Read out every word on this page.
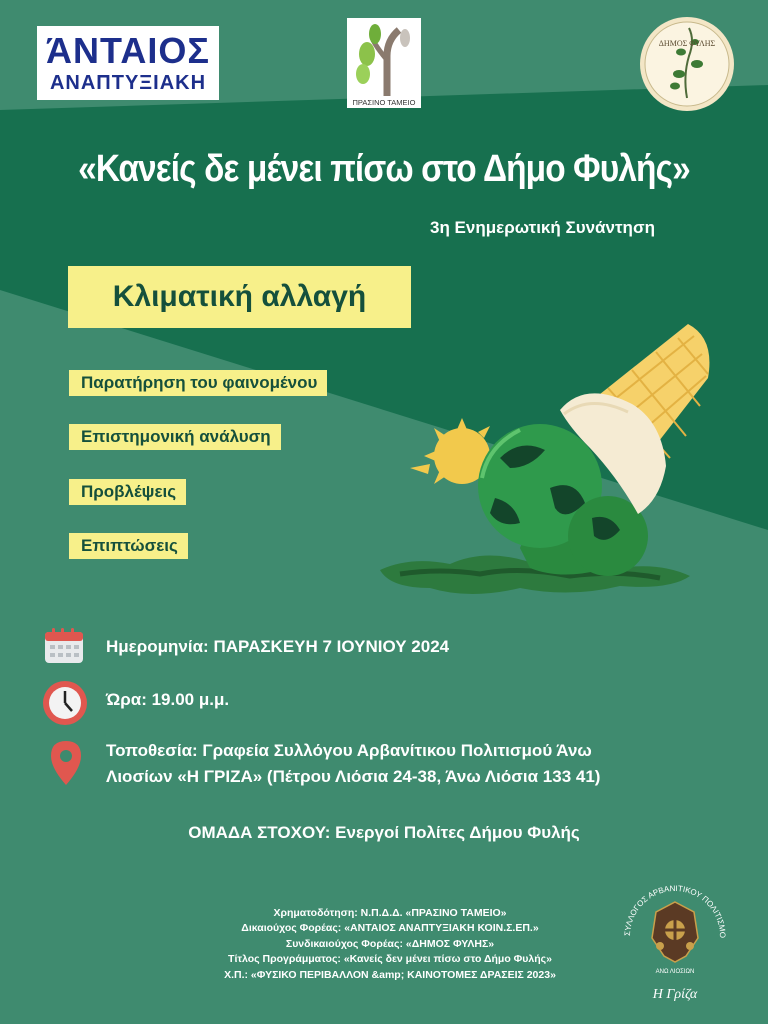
ΆΝΤΑΙΟΣ
ΑΝΑΠΤΥΞΙΑΚΗ
ΠΡΑΣΙΝΟ ΤΑΜΕΙΟ
ΔΗΜΟΣ ΦΥΛΗΣ
«Κανείς δε μένει πίσω στο Δήμο Φυλής»
3η Ενημερωτική Συνάντηση
Κλιματική αλλαγή
Παρατήρηση του φαινομένου
Επιστημονική ανάλυση
Προβλέψεις
Επιπτώσεις
Ημερομηνία: ΠΑΡΑΣΚΕΥΗ 7 ΙΟΥΝΙΟΥ 2024
Ώρα: 19.00 μ.μ.
Τοποθεσία: Γραφεία Συλλόγου Αρβανίτικου Πολιτισμού Άνω
Λιοσίων «Η ΓΡΙΖΑ» (Πέτρου Λιόσια 24-38, Άνω Λιόσια 133 41)
ΟΜΑΔΑ ΣΤΟΧΟΥ: Ενεργοί Πολίτες Δήμου Φυλής
Χρηματοδότηση: Ν.Π.Δ.Δ. «ΠΡΑΣΙΝΟ ΤΑΜΕΙΟ»
Δικαιούχος Φορέας: «ΑΝΤΑΙΟΣ ΑΝΑΠΤΥΞΙΑΚΗ ΚΟΙΝ.Σ.ΕΠ.»
Συνδικαιούχος Φορέας: «ΔΗΜΟΣ ΦΥΛΗΣ»
Τίτλος Προγράμματος: «Κανείς δεν μένει πίσω στο Δήμο Φυλής»
Χ.Π.: «ΦΥΣΙΚΟ ΠΕΡΙΒΑΛΛΟΝ &amp; ΚΑΙΝΟΤΟΜΕΣ ΔΡΑΣΕΙΣ 2023»
ΣΥΛΛΟΓΟΣ ΑΡΒΑΝΙΤΙΚΟΥ ΠΟΛΙΤΙΣΜΟ
ΑΝΩ ΛΙΟΣΙΩΝ
Η Γρίζα
